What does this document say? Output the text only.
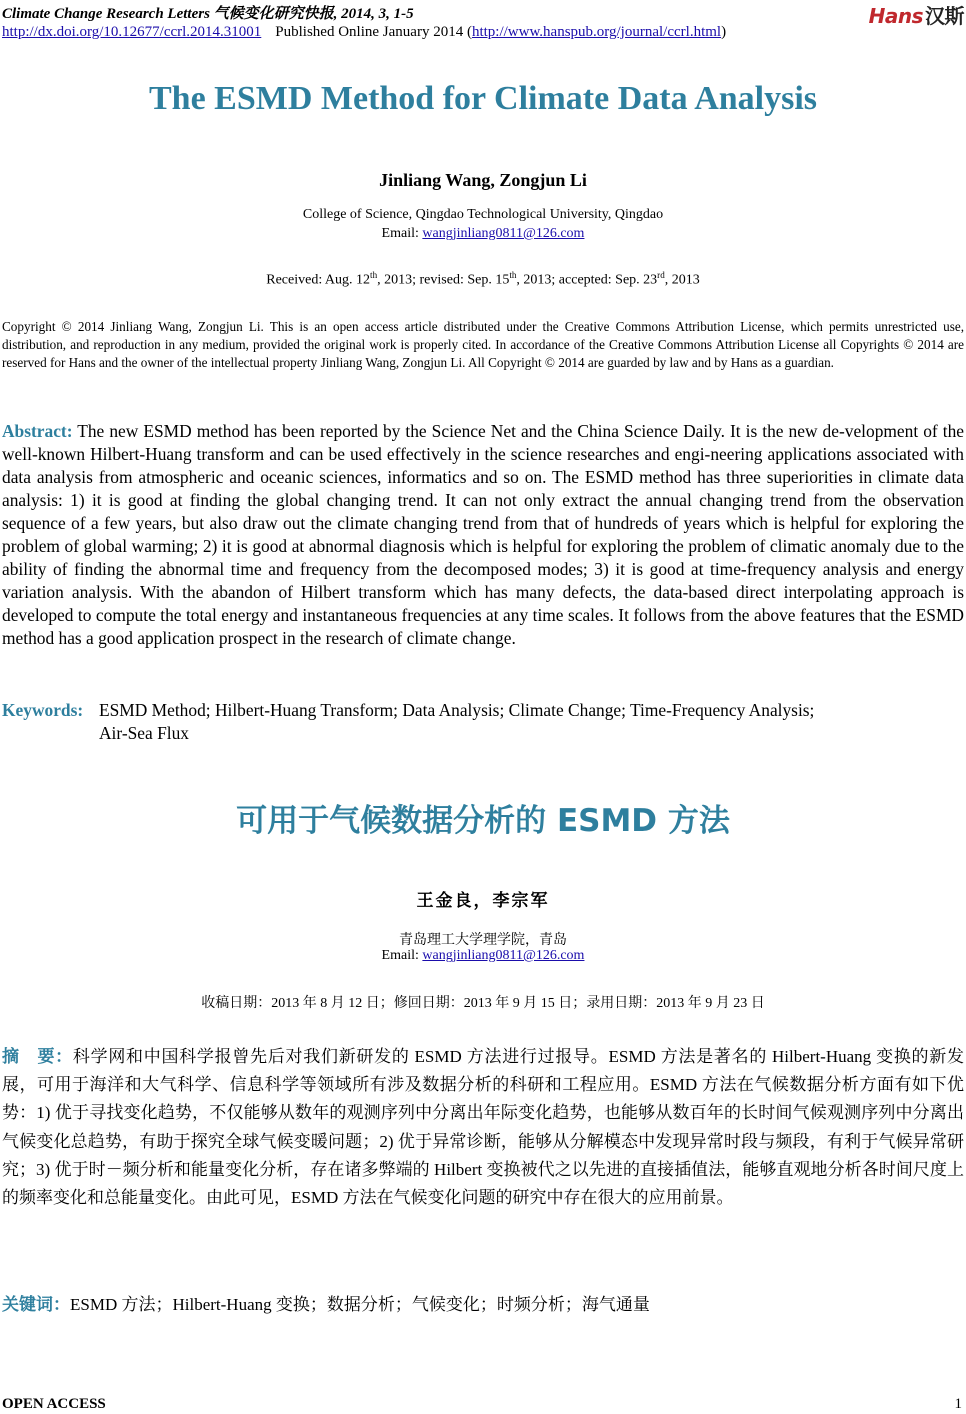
Climate Change Research Letters 气候变化研究快报, 2014, 3, 1-5
http://dx.doi.org/10.12677/ccrl.2014.31001 Published Online January 2014 (http://www.hanspub.org/journal/ccrl.html)
Hans 汉斯
The ESMD Method for Climate Data Analysis
Jinliang Wang, Zongjun Li
College of Science, Qingdao Technological University, Qingdao
Email: wangjinliang0811@126.com
Received: Aug. 12th, 2013; revised: Sep. 15th, 2013; accepted: Sep. 23rd, 2013
Copyright © 2014 Jinliang Wang, Zongjun Li. This is an open access article distributed under the Creative Commons Attribution License, which permits unrestricted use, distribution, and reproduction in any medium, provided the original work is properly cited. In accordance of the Creative Commons Attribution License all Copyrights © 2014 are reserved for Hans and the owner of the intellectual property Jinliang Wang, Zongjun Li. All Copyright © 2014 are guarded by law and by Hans as a guardian.
Abstract: The new ESMD method has been reported by the Science Net and the China Science Daily. It is the new de-velopment of the well-known Hilbert-Huang transform and can be used effectively in the science researches and engi-neering applications associated with data analysis from atmospheric and oceanic sciences, informatics and so on. The ESMD method has three superiorities in climate data analysis: 1) it is good at finding the global changing trend. It can not only extract the annual changing trend from the observation sequence of a few years, but also draw out the climate changing trend from that of hundreds of years which is helpful for exploring the problem of global warming; 2) it is good at abnormal diagnosis which is helpful for exploring the problem of climatic anomaly due to the ability of finding the abnormal time and frequency from the decomposed modes; 3) it is good at time-frequency analysis and energy variation analysis. With the abandon of Hilbert transform which has many defects, the data-based direct interpolating approach is developed to compute the total energy and instantaneous frequencies at any time scales. It follows from the above features that the ESMD method has a good application prospect in the research of climate change.
Keywords: ESMD Method; Hilbert-Huang Transform; Data Analysis; Climate Change; Time-Frequency Analysis;
Air-Sea Flux
可用于气候数据分析的 ESMD 方法
王金良，李宗军
青岛理工大学理学院，青岛
Email: wangjinliang0811@126.com
收稿日期：2013 年 8 月 12 日；修回日期：2013 年 9 月 15 日；录用日期：2013 年 9 月 23 日
摘　要：科学网和中国科学报曾先后对我们新研发的 ESMD 方法进行过报导。ESMD 方法是著名的 Hilbert-Huang 变换的新发展，可用于海洋和大气科学、信息科学等领域所有涉及数据分析的科研和工程应用。ESMD 方法在气候数据分析方面有如下优势：1) 优于寻找变化趋势，不仅能够从数年的观测序列中分离出年际变化趋势，也能够从数百年的长时间气候观测序列中分离出气候变化总趋势，有助于探究全球气候变暖问题；2) 优于异常诊断，能够从分解模态中发现异常时段与频段，有利于气候异常研究；3) 优于时－频分析和能量变化分析，存在诸多弊端的 Hilbert 变换被代之以先进的直接插值法，能够直观地分析各时间尺度上的频率变化和总能量变化。由此可见，ESMD 方法在气候变化问题的研究中存在很大的应用前景。
关键词：ESMD 方法；Hilbert-Huang 变换；数据分析；气候变化；时频分析；海气通量
OPEN ACCESS	1
